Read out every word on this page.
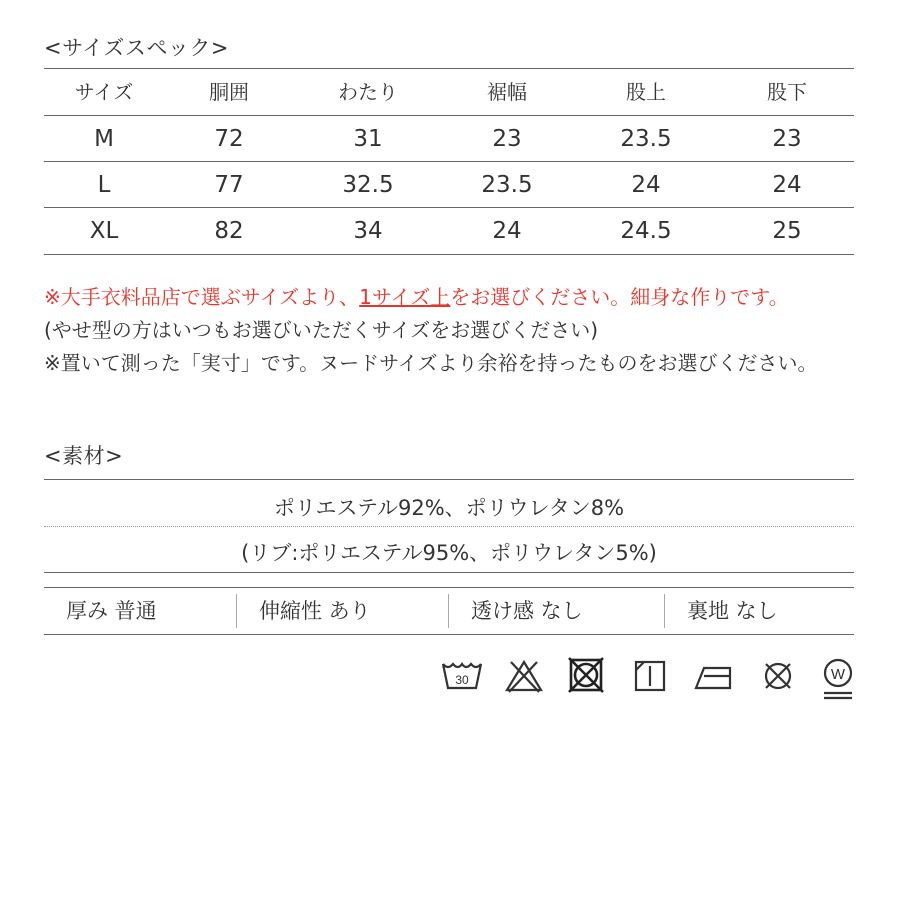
<サイズスペック>
サイズ	胴囲	わたり	裾幅	股上	股下
M	72	31	23	23.5	23
L	77	32.5	23.5	24	24
XL	82	34	24	24.5	25
※大手衣料品店で選ぶサイズより、1サイズ上をお選びください。細身な作りです。
(やせ型の方はいつもお選びいただくサイズをお選びください)
※置いて測った「実寸」です。ヌードサイズより余裕を持ったものをお選びください。
<素材>
ポリエステル92%、ポリウレタン8%
(リブ:ポリエステル95%、ポリウレタン5%)
厚み 普通	伸縮性 あり	透け感 なし	裏地 なし
30	W
